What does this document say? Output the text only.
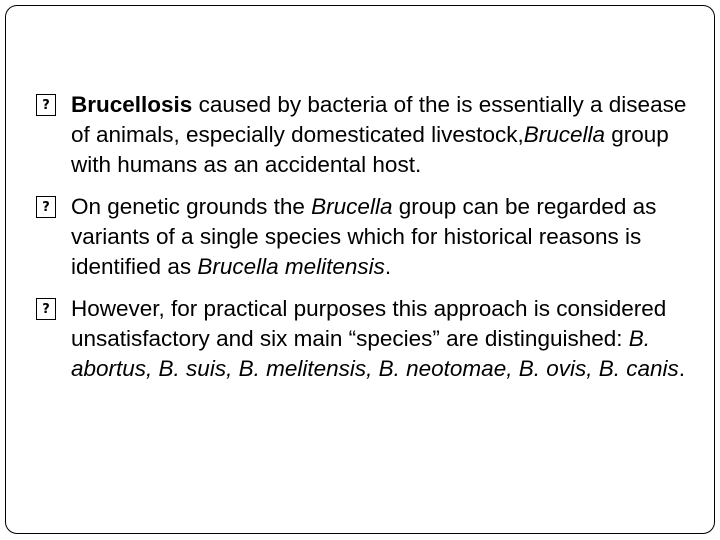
? Brucellosis caused by bacteria of the is essentially a disease of animals, especially domesticated livestock,Brucella group with humans as an accidental host.
? On genetic grounds the Brucella group can be regarded as variants of a single species which for historical reasons is identified as Brucella melitensis.
? However, for practical purposes this approach is considered unsatisfactory and six main “species” are distinguished: B. abortus, B. suis, B. melitensis, B. neotomae, B. ovis, B. canis.
